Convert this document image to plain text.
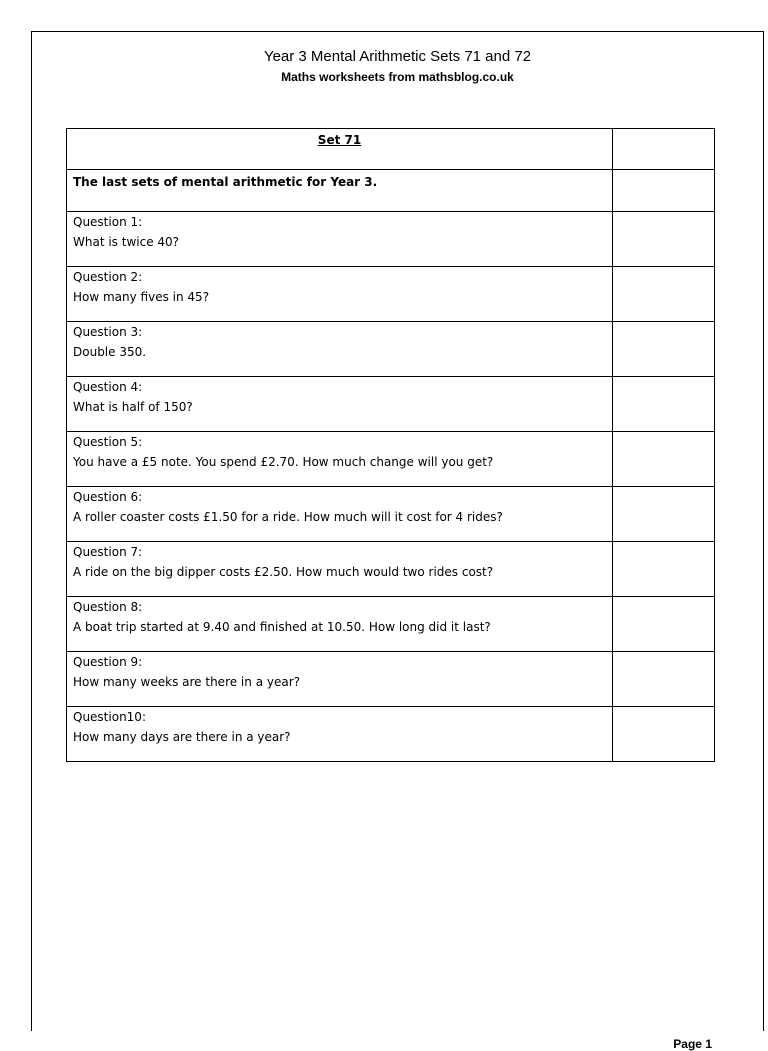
Year 3 Mental Arithmetic Sets 71 and 72
Maths worksheets from mathsblog.co.uk
Set 71	

The last sets of mental arithmetic for Year 3.	

Question 1:
What is twice 40?	

Question 2:
How many fives in 45?	

Question 3:
Double 350.	

Question 4:
What is half of 150?	

Question 5:
You have a £5 note. You spend £2.70. How much change will you get?	

Question 6:
A roller coaster costs £1.50 for a ride. How much will it cost for 4 rides?	

Question 7:
A ride on the big dipper costs £2.50. How much would two rides cost?	

Question 8:
A boat trip started at 9.40 and finished at 10.50. How long did it last?	

Question 9:
How many weeks are there in a year?	

Question10:
How many days are there in a year?	

Page 1
